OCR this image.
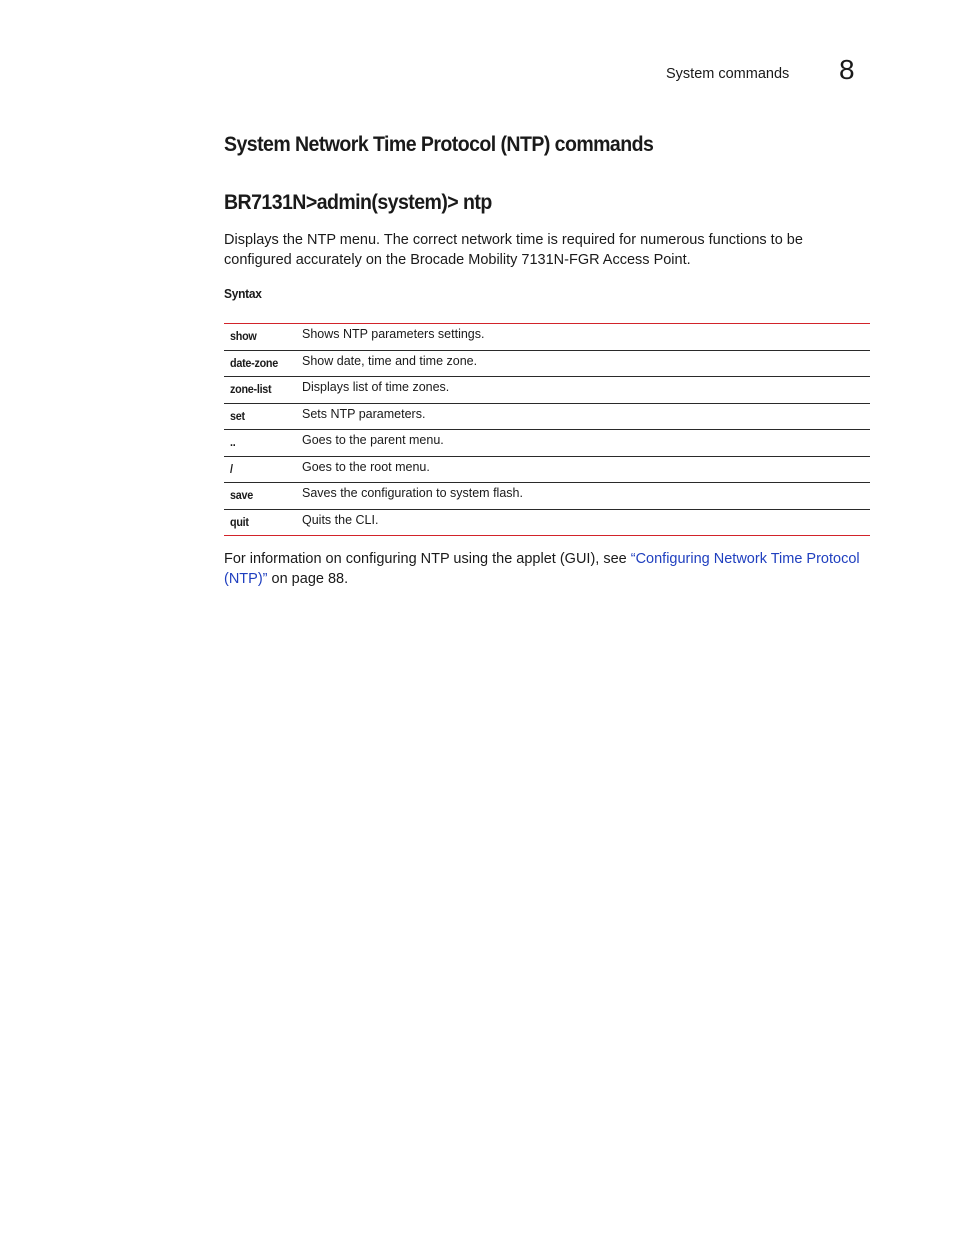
System commands 8
System Network Time Protocol (NTP) commands
BR7131N>admin(system)> ntp
Displays the NTP menu. The correct network time is required for numerous functions to be configured accurately on the Brocade Mobility 7131N-FGR Access Point.
Syntax
show	Shows NTP parameters settings.
date-zone	Show date, time and time zone.
zone-list	Displays list of time zones.
set	Sets NTP parameters.
..	Goes to the parent menu.
/	Goes to the root menu.
save	Saves the configuration to system flash.
quit	Quits the CLI.
For information on configuring NTP using the applet (GUI), see “Configuring Network Time Protocol (NTP)” on page 88.
